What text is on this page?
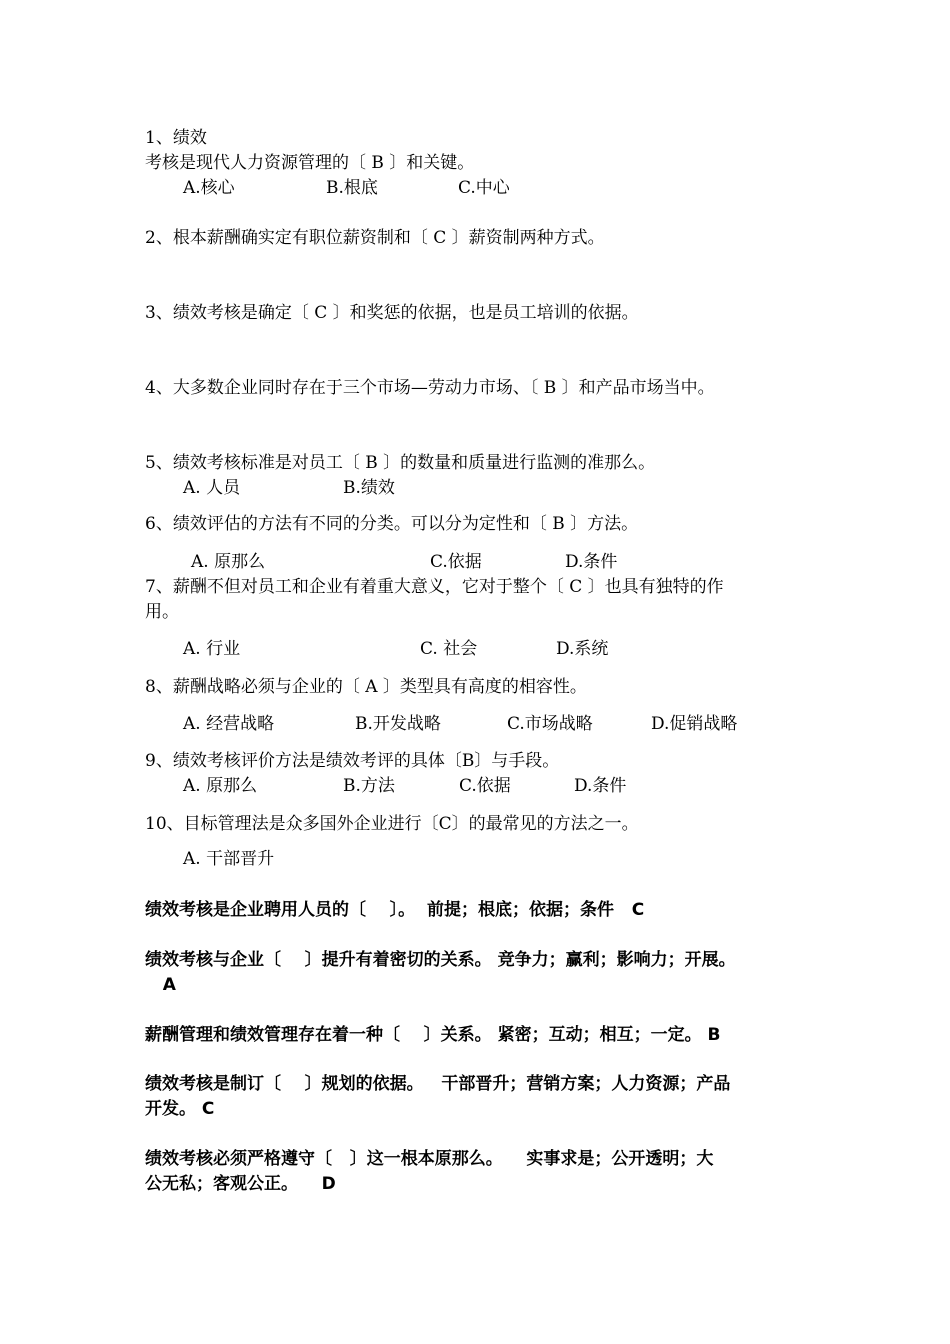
1、绩效
考核是现代人力资源管理的〔 B 〕和关键。
A.核心	B.根底	C.中心
2、根本薪酬确实定有职位薪资制和〔 C 〕薪资制两种方式。
3、绩效考核是确定〔 C 〕和奖惩的依据，也是员工培训的依据。
4、大多数企业同时存在于三个市场—劳动力市场、〔 B 〕和产品市场当中。
5、绩效考核标准是对员工〔 B 〕的数量和质量进行监测的准那么。
A. 人员	B.绩效
6、绩效评估的方法有不同的分类。可以分为定性和〔 B 〕方法。
A. 原那么	C.依据	D.条件
7、薪酬不但对员工和企业有着重大意义，它对于整个〔 C 〕也具有独特的作
用。
A. 行业	C. 社会	D.系统
8、薪酬战略必须与企业的〔 A 〕类型具有高度的相容性。
A. 经营战略	B.开发战略	C.市场战略	D.促销战略
9、绩效考核评价方法是绩效考评的具体〔B〕与手段。
A. 原那么	B.方法	C.依据	D.条件
10、目标管理法是众多国外企业进行〔C〕的最常见的方法之一。
A. 干部晋升
绩效考核是企业聘用人员的〔    〕。  前提；根底；依据；条件   C
绩效考核与企业〔    〕提升有着密切的关系。 竞争力；赢利；影响力；开展。
A
薪酬管理和绩效管理存在着一种〔    〕关系。 紧密；互动；相互；一定。 B
绩效考核是制订〔    〕规划的依据。   干部晋升；营销方案；人力资源；产品
开发。 C
绩效考核必须严格遵守〔   〕这一根本原那么。    实事求是；公开透明；大
公无私；客观公正。    D
